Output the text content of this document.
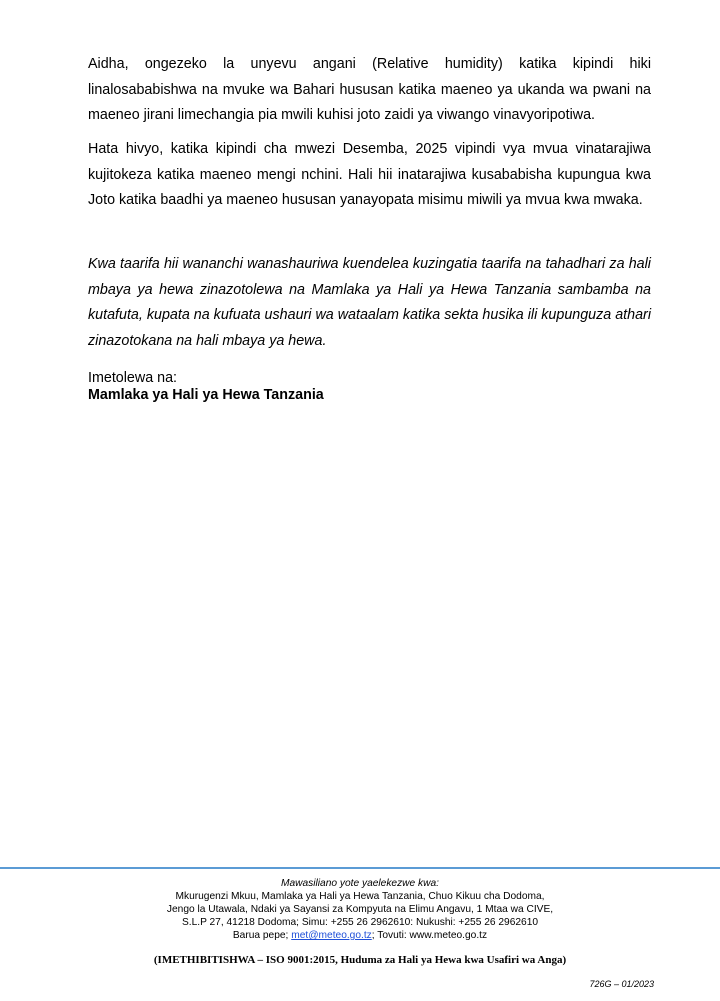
Aidha, ongezeko la unyevu angani (Relative humidity) katika kipindi hiki linalosababishwa na mvuke wa Bahari hususan katika maeneo ya ukanda wa pwani na maeneo jirani limechangia pia mwili kuhisi joto zaidi ya viwango vinavyoripotiwa.

Hata hivyo, katika kipindi cha mwezi Desemba, 2025 vipindi vya mvua vinatarajiwa kujitokeza katika maeneo mengi nchini. Hali hii inatarajiwa kusababisha kupungua kwa Joto katika baadhi ya maeneo hususan yanayopata misimu miwili ya mvua kwa mwaka.

Kwa taarifa hii wananchi wanashauriwa kuendelea kuzingatia taarifa na tahadhari za hali mbaya ya hewa zinazotolewa na Mamlaka ya Hali ya Hewa Tanzania sambamba na kutafuta, kupata na kufuata ushauri wa wataalam katika sekta husika ili kupunguza athari zinazotokana na hali mbaya ya hewa.

Imetolewa na:

Mamlaka ya Hali ya Hewa Tanzania

Mawasiliano yote yaelekezwe kwa:

Mkurugenzi Mkuu, Mamlaka ya Hali ya Hewa Tanzania, Chuo Kikuu cha Dodoma,

Jengo la Utawala, Ndaki ya Sayansi za Kompyuta na Elimu Angavu, 1 Mtaa wa CIVE,

S.L.P 27, 41218 Dodoma; Simu: +255 26 2962610: Nukushi: +255 26 2962610

Barua pepe; met@meteo.go.tz; Tovuti: www.meteo.go.tz

(IMETHIBITISHWA – ISO 9001:2015, Huduma za Hali ya Hewa kwa Usafiri wa Anga)

726G – 01/2023
